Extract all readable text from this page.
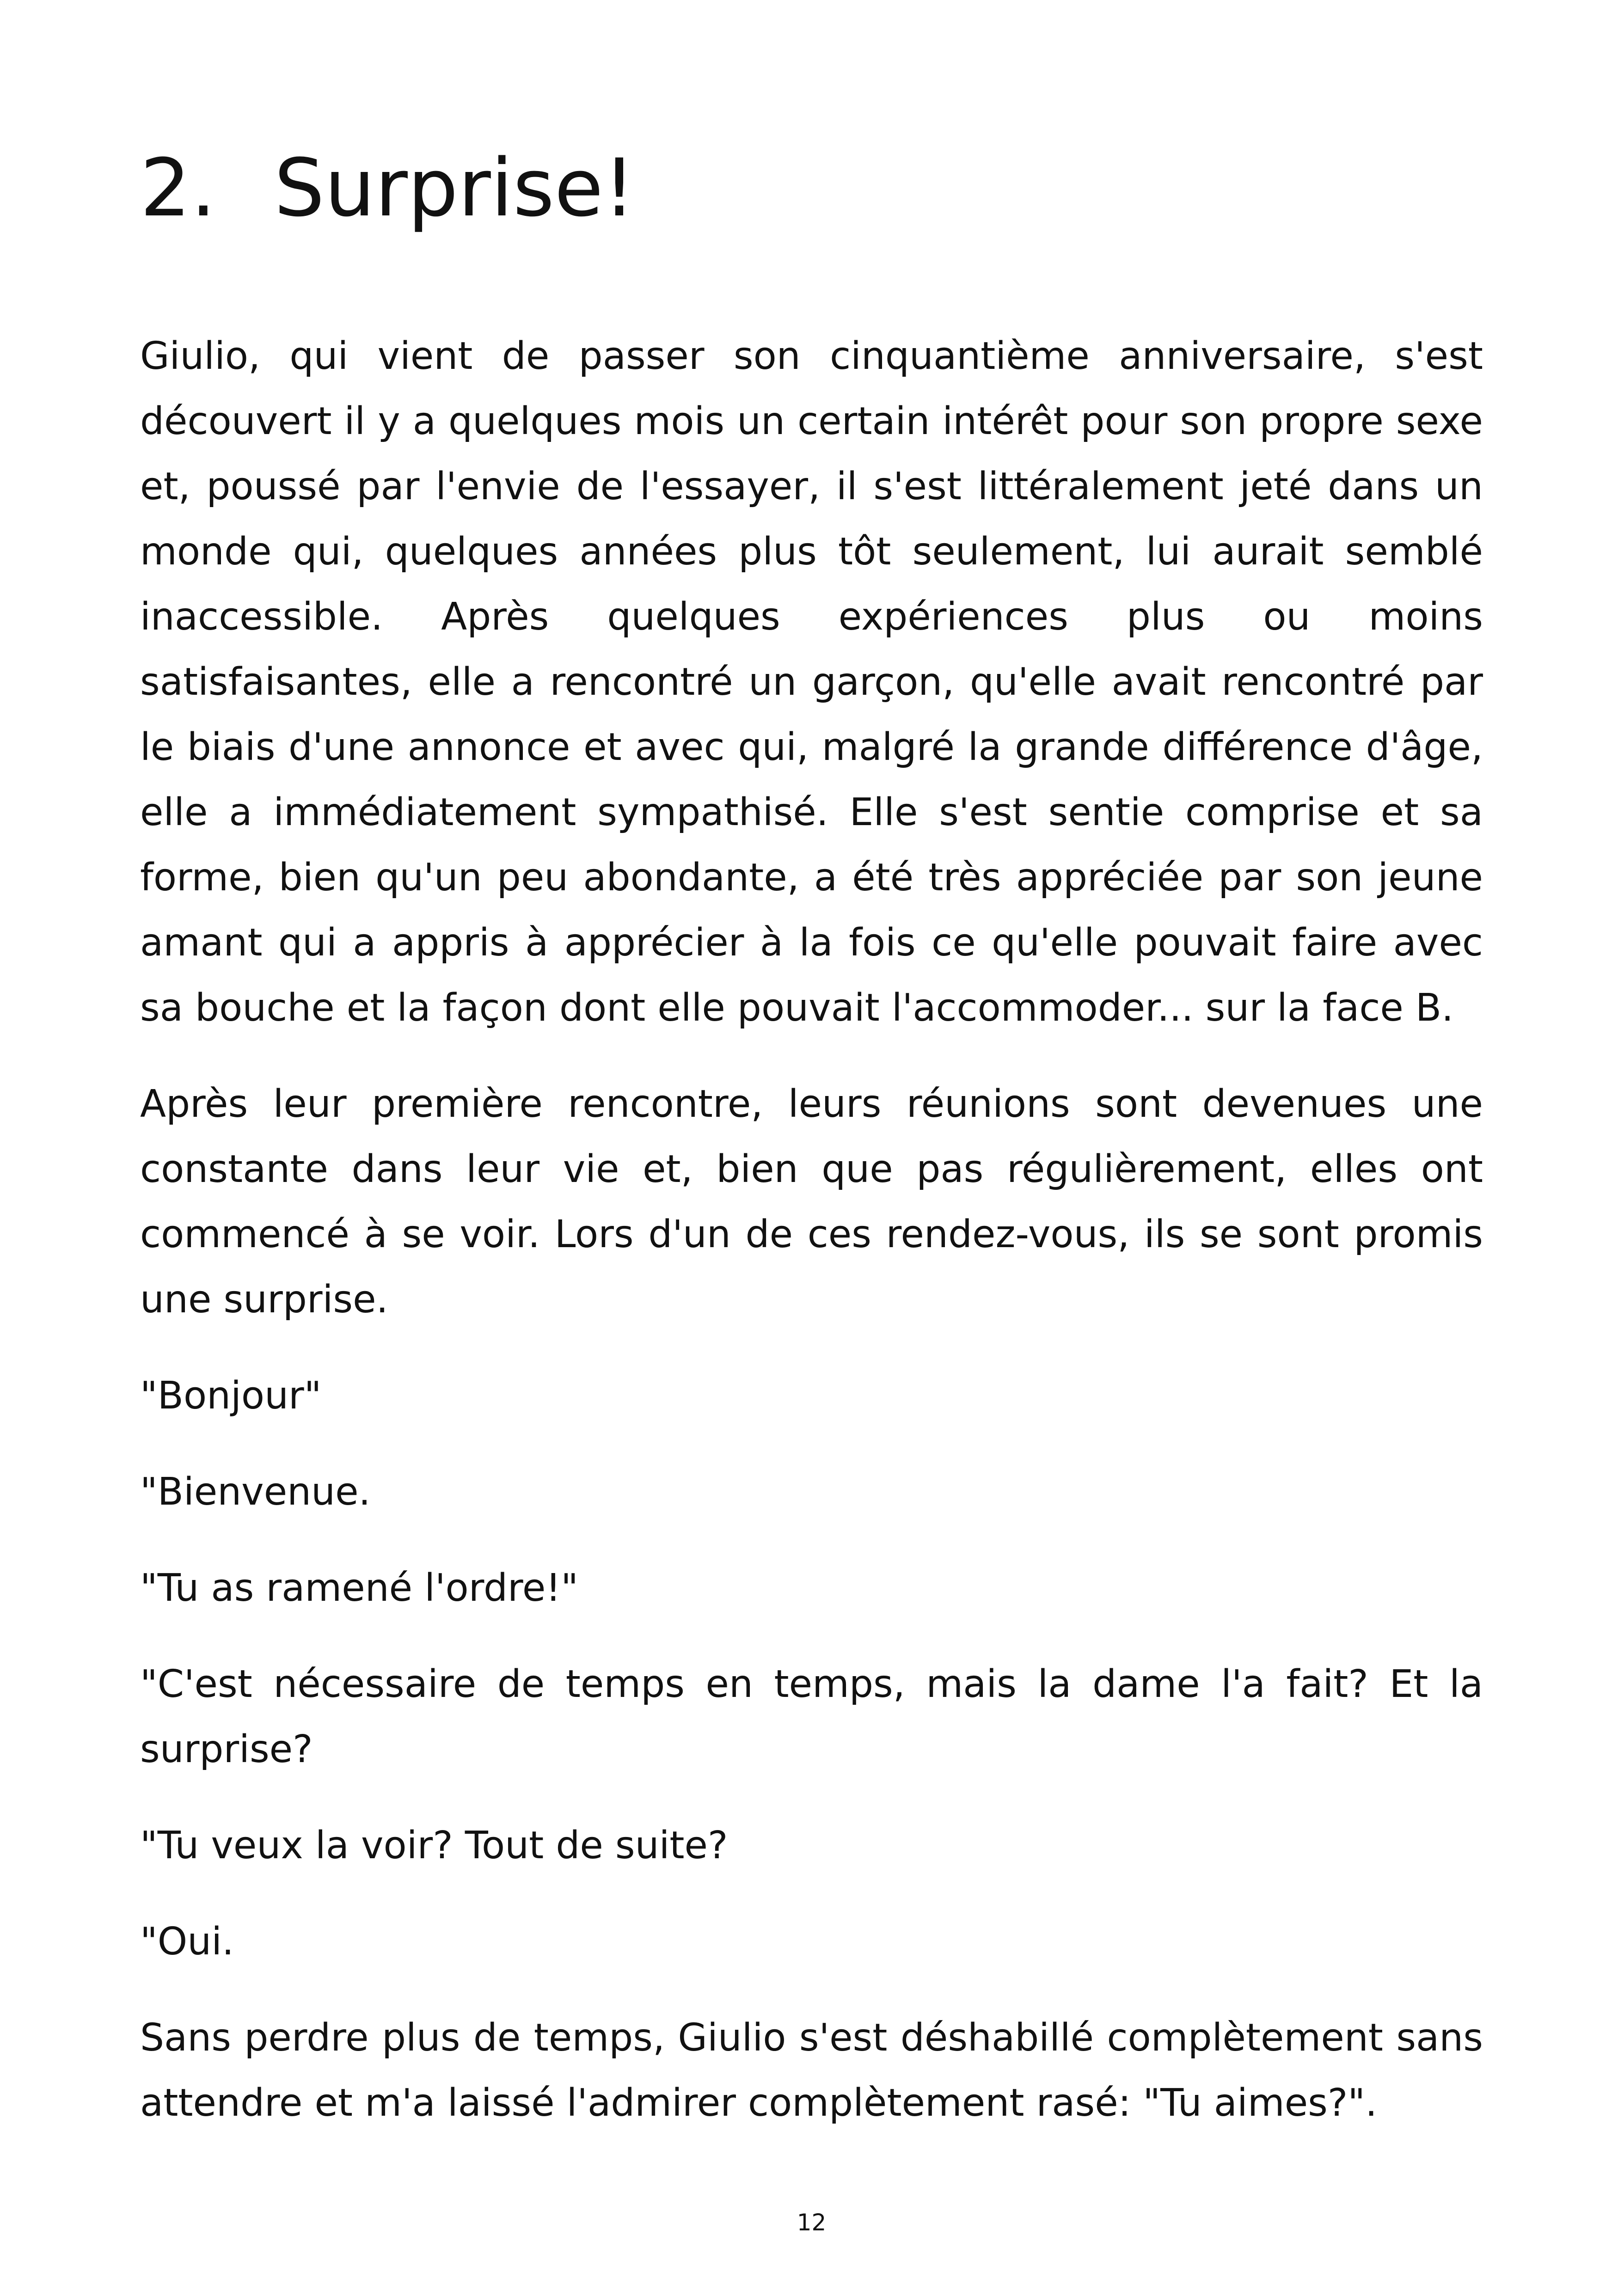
2. Surprise!

Giulio, qui vient de passer son cinquantième anniversaire, s'est découvert il y a quelques mois un certain intérêt pour son propre sexe et, poussé par l'envie de l'essayer, il s'est littéralement jeté dans un monde qui, quelques années plus tôt seulement, lui aurait semblé inaccessible. Après quelques expériences plus ou moins satisfaisantes, elle a rencontré un garçon, qu'elle avait rencontré par le biais d'une annonce et avec qui, malgré la grande différence d'âge, elle a immédiatement sympathisé. Elle s'est sentie comprise et sa forme, bien qu'un peu abondante, a été très appréciée par son jeune amant qui a appris à apprécier à la fois ce qu'elle pouvait faire avec sa bouche et la façon dont elle pouvait l'accommoder... sur la face B.

Après leur première rencontre, leurs réunions sont devenues une constante dans leur vie et, bien que pas régulièrement, elles ont commencé à se voir. Lors d'un de ces rendez-vous, ils se sont promis une surprise.

"Bonjour"

"Bienvenue.

"Tu as ramené l'ordre!"

"C'est nécessaire de temps en temps, mais la dame l'a fait? Et la surprise?

"Tu veux la voir? Tout de suite?

"Oui.

Sans perdre plus de temps, Giulio s'est déshabillé complètement sans attendre et m'a laissé l'admirer complètement rasé: "Tu aimes?".

12
